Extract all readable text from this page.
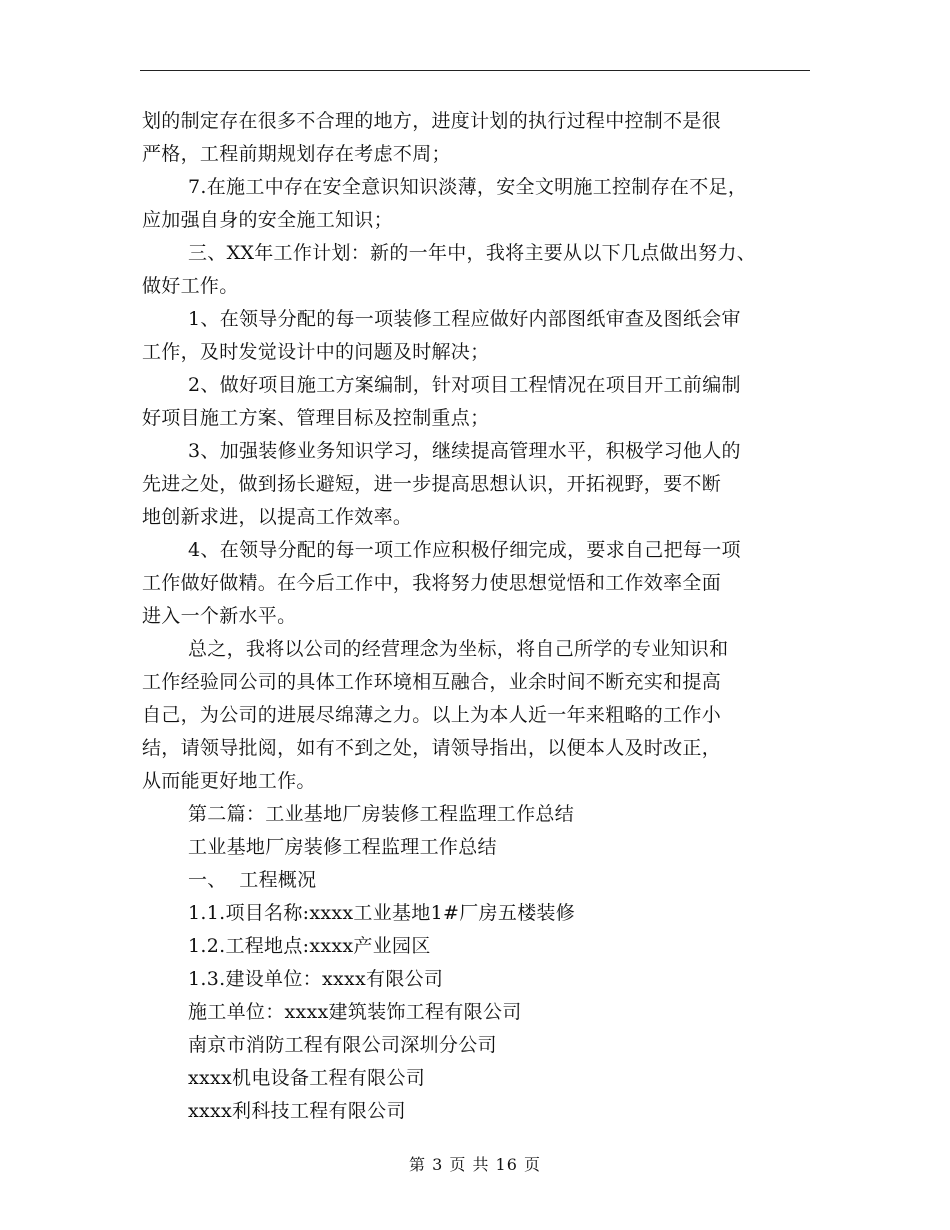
划的制定存在很多不合理的地方，进度计划的执行过程中控制不是很
严格，工程前期规划存在考虑不周；
7.在施工中存在安全意识知识淡薄，安全文明施工控制存在不足，
应加强自身的安全施工知识；
三、XX年工作计划：新的一年中，我将主要从以下几点做出努力、
做好工作。
1、在领导分配的每一项装修工程应做好内部图纸审查及图纸会审
工作，及时发觉设计中的问题及时解决；
2、做好项目施工方案编制，针对项目工程情况在项目开工前编制
好项目施工方案、管理目标及控制重点；
3、加强装修业务知识学习，继续提高管理水平，积极学习他人的
先进之处，做到扬长避短，进一步提高思想认识，开拓视野，要不断
地创新求进，以提高工作效率。
4、在领导分配的每一项工作应积极仔细完成，要求自己把每一项
工作做好做精。在今后工作中，我将努力使思想觉悟和工作效率全面
进入一个新水平。
总之，我将以公司的经营理念为坐标，将自己所学的专业知识和
工作经验同公司的具体工作环境相互融合，业余时间不断充实和提高
自己，为公司的进展尽绵薄之力。以上为本人近一年来粗略的工作小
结，请领导批阅，如有不到之处，请领导指出，以便本人及时改正，
从而能更好地工作。
第二篇：工业基地厂房装修工程监理工作总结
工业基地厂房装修工程监理工作总结
一、  工程概况
1.1.项目名称:xxxx工业基地1#厂房五楼装修
1.2.工程地点:xxxx产业园区
1.3.建设单位：xxxx有限公司
施工单位：xxxx建筑装饰工程有限公司
南京市消防工程有限公司深圳分公司
xxxx机电设备工程有限公司
xxxx利科技工程有限公司
第 3 页 共 16 页
